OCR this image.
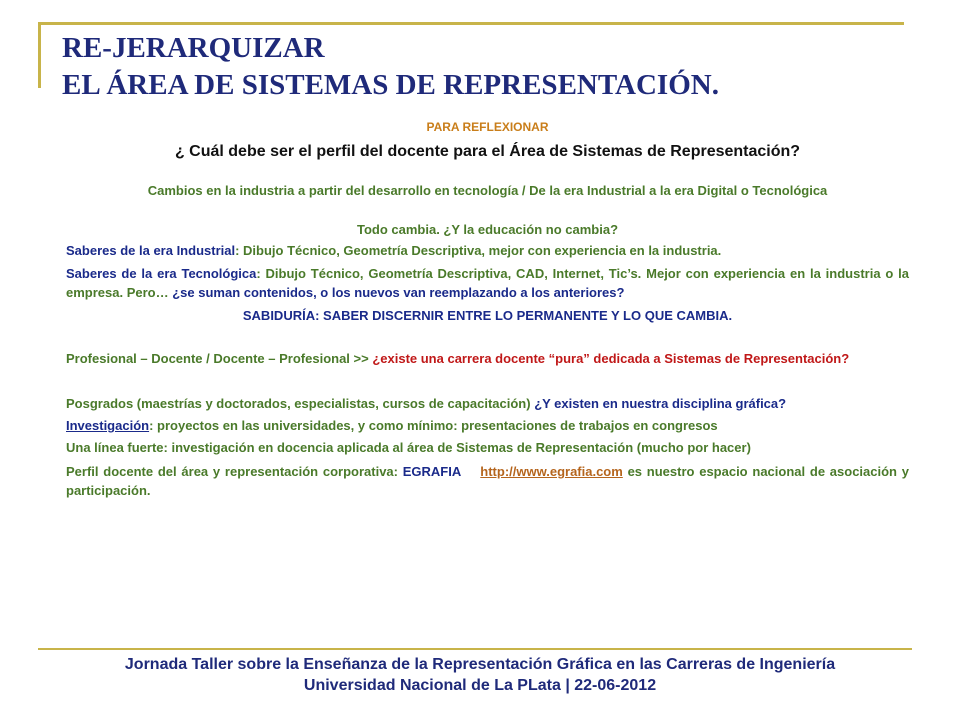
RE-JERARQUIZAR
EL ÁREA DE SISTEMAS DE REPRESENTACIÓN.

PARA REFLEXIONAR

¿ Cuál debe ser el perfil del docente para el Área de Sistemas de Representación?

Cambios en la industria a partir del desarrollo en tecnología / De la era Industrial a la era Digital o Tecnológica

Todo cambia. ¿Y la educación no cambia?

Saberes de la era Industrial: Dibujo Técnico, Geometría Descriptiva, mejor con experiencia en la industria.

Saberes de la era Tecnológica: Dibujo Técnico, Geometría Descriptiva, CAD, Internet, Tic’s. Mejor con experiencia en la industria o la empresa. Pero… ¿se suman contenidos, o los nuevos van reemplazando a los anteriores?

SABIDURÍA: SABER DISCERNIR ENTRE LO PERMANENTE Y LO QUE CAMBIA.

Profesional – Docente / Docente – Profesional >> ¿existe una carrera docente “pura” dedicada a Sistemas de Representación?

Posgrados (maestrías y doctorados, especialistas, cursos de capacitación) ¿Y existen en nuestra disciplina gráfica?

Investigación: proyectos en las universidades, y como mínimo: presentaciones de trabajos en congresos

Una línea fuerte: investigación en docencia aplicada al área de Sistemas de Representación (mucho por hacer)

Perfil docente del área y representación corporativa: EGRAFIA http://www.egrafia.com es nuestro espacio nacional de asociación y participación.

Jornada Taller sobre la Enseñanza de la Representación Gráfica en las Carreras de Ingeniería
Universidad Nacional de La PLata | 22-06-2012
